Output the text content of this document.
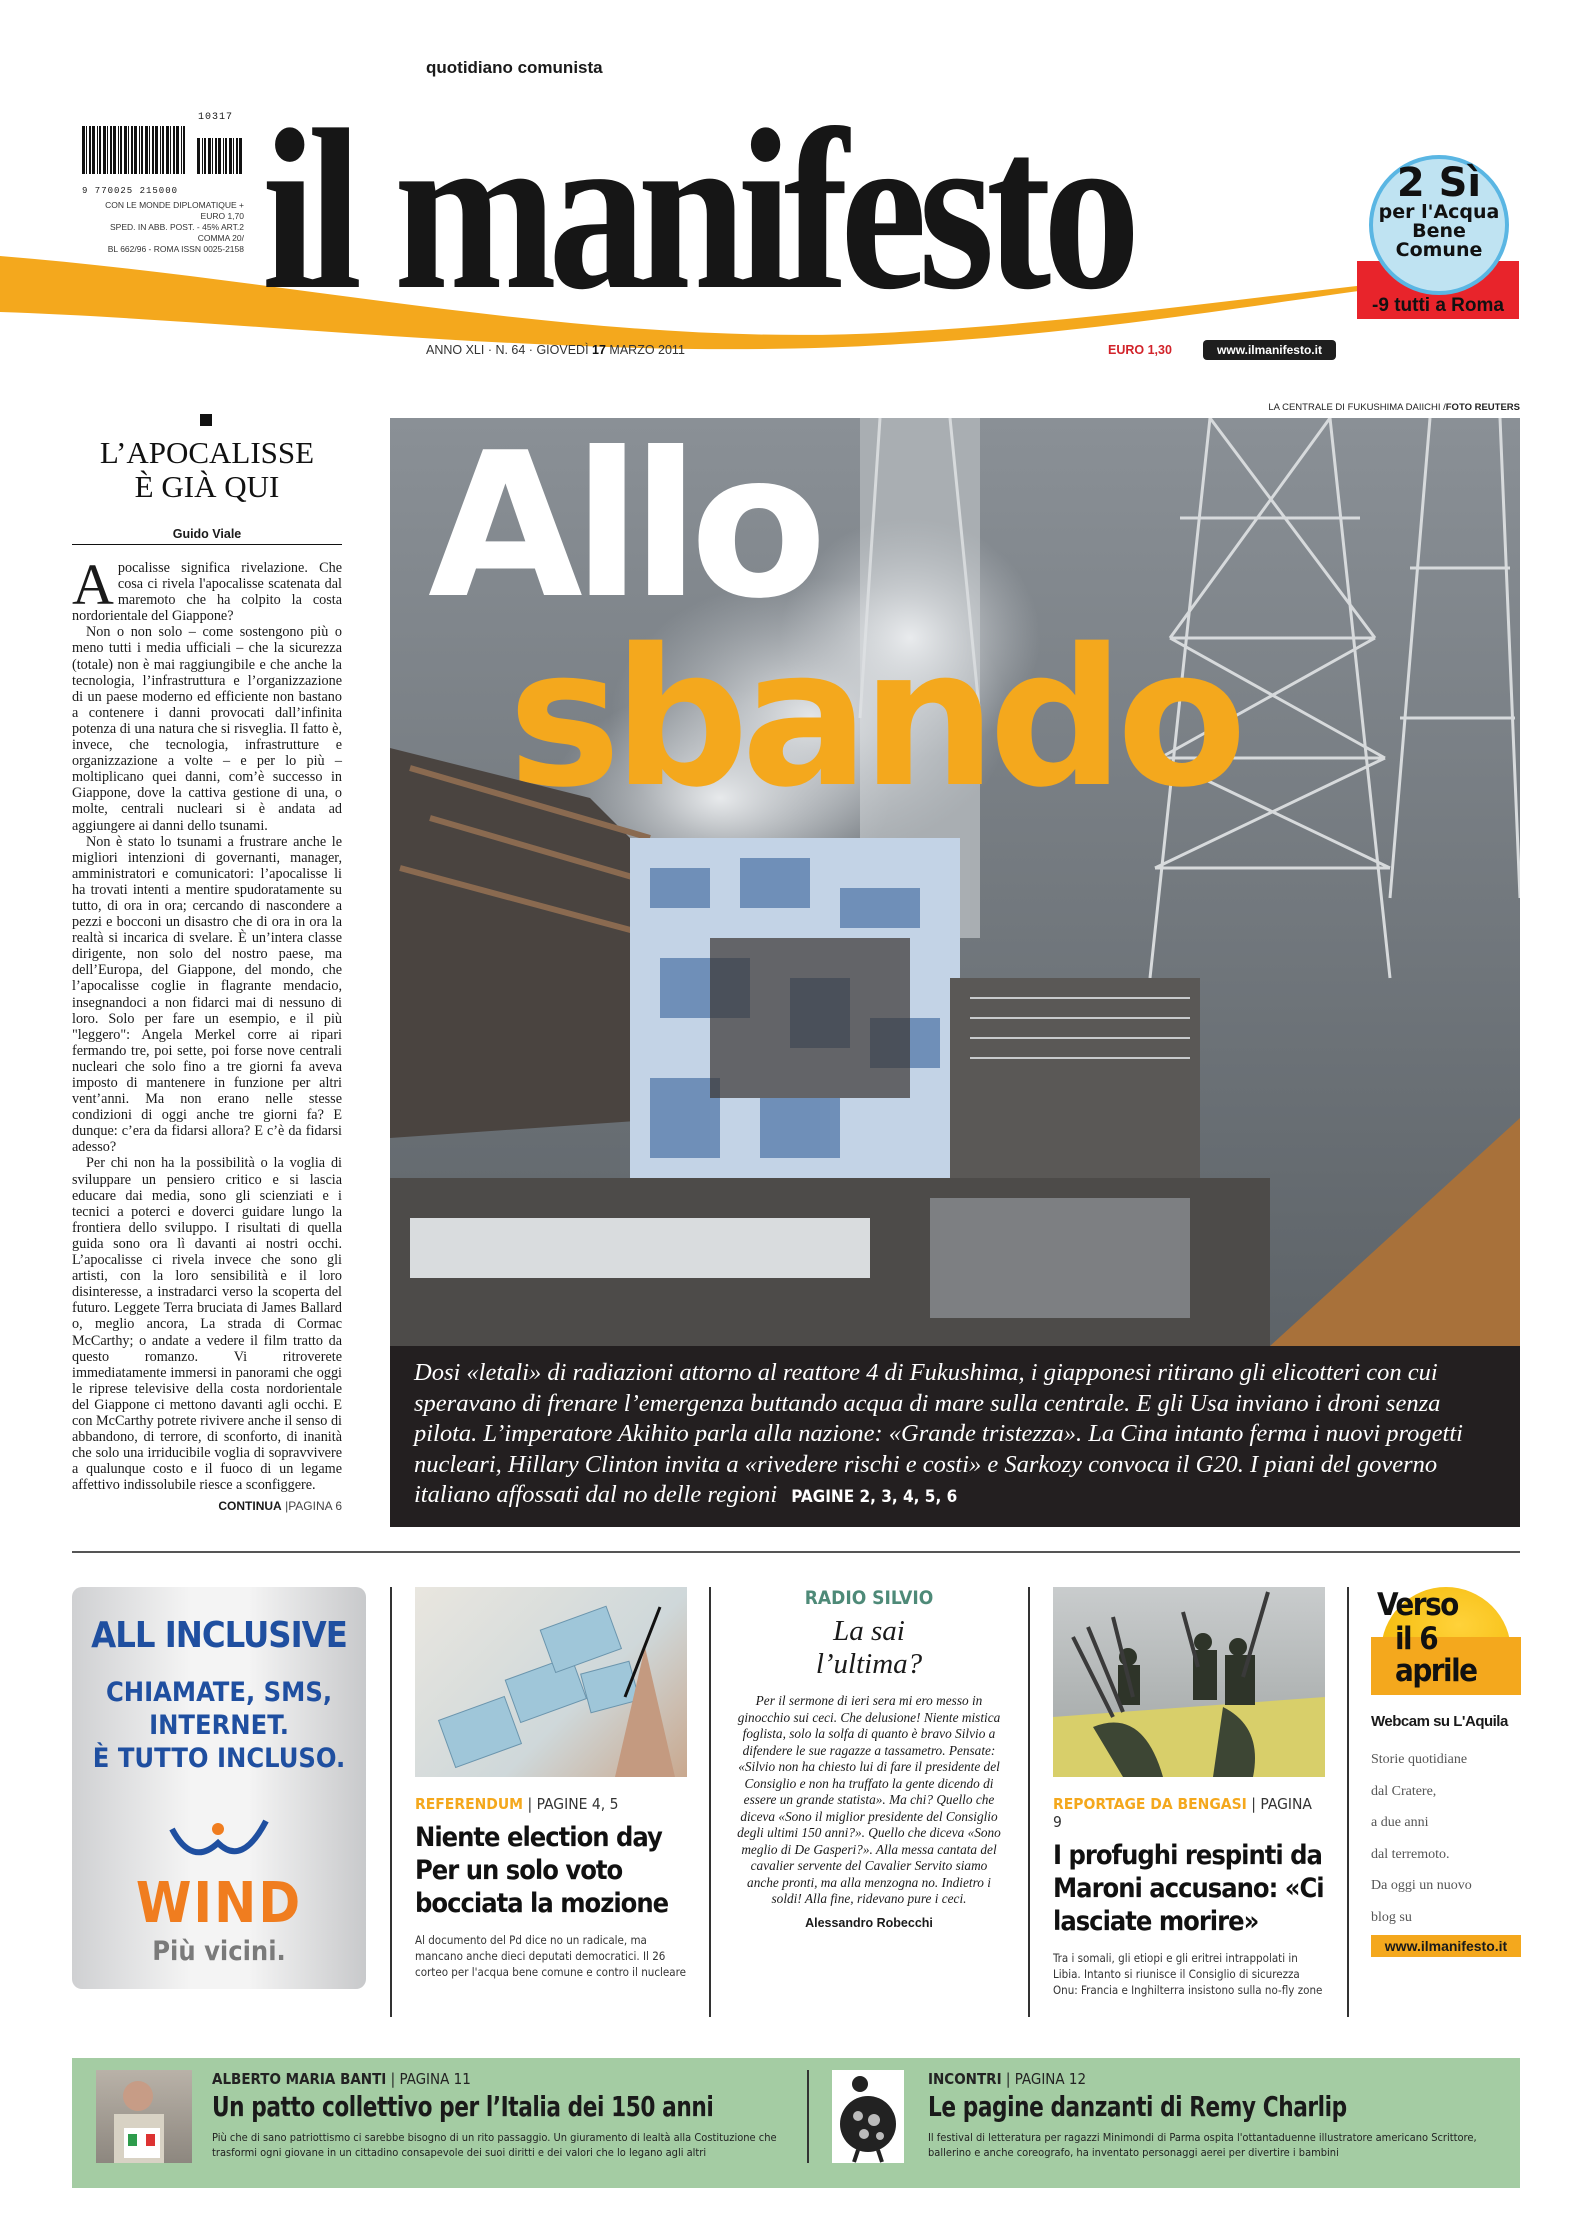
10317
9 770025 215000
CON LE MONDE DIPLOMATIQUE + EURO 1,70
SPED. IN ABB. POST. - 45% ART.2 COMMA 20/
BL 662/96 - ROMA ISSN 0025-2158
quotidiano comunista
il manifesto
ANNO XLI · N. 64 · GIOVEDÌ 17 MARZO 2011	EURO 1,30	www.ilmanifesto.it
2 Sì
per l'Acqua
Bene
Comune
-9 tutti a Roma
LA CENTRALE DI FUKUSHIMA DAIICHI /FOTO REUTERS
L’APOCALISSE
È GIÀ QUI
Guido Viale

Apocalisse significa rivelazione. Che cosa ci rivela l'apocalisse scatenata dal maremoto che ha colpito la costa nordorientale del Giappone?

Non o non solo – come sostengono più o meno tutti i media ufficiali – che la sicurezza (totale) non è mai raggiungibile e che anche la tecnologia, l’infrastruttura e l’organizzazione di un paese moderno ed efficiente non bastano a contenere i danni provocati dall’infinita potenza di una natura che si risveglia. Il fatto è, invece, che tecnologia, infrastrutture e organizzazione a volte – e per lo più – moltiplicano quei danni, com’è successo in Giappone, dove la cattiva gestione di una, o molte, centrali nucleari si è andata ad aggiungere ai danni dello tsunami.

Non è stato lo tsunami a frustrare anche le migliori intenzioni di governanti, manager, amministratori e comunicatori: l’apocalisse li ha trovati intenti a mentire spudoratamente su tutto, di ora in ora; cercando di nascondere a pezzi e bocconi un disastro che di ora in ora la realtà si incarica di svelare. È un’intera classe dirigente, non solo del nostro paese, ma dell’Europa, del Giappone, del mondo, che l’apocalisse coglie in flagrante mendacio, insegnandoci a non fidarci mai di nessuno di loro. Solo per fare un esempio, e il più "leggero": Angela Merkel corre ai ripari fermando tre, poi sette, poi forse nove centrali nucleari che solo fino a tre giorni fa aveva imposto di mantenere in funzione per altri vent’anni. Ma non erano nelle stesse condizioni di oggi anche tre giorni fa? E dunque: c’era da fidarsi allora? E c’è da fidarsi adesso?

Per chi non ha la possibilità o la voglia di sviluppare un pensiero critico e si lascia educare dai media, sono gli scienziati e i tecnici a poterci e doverci guidare lungo la frontiera dello sviluppo. I risultati di quella guida sono ora lì davanti ai nostri occhi. L’apocalisse ci rivela invece che sono gli artisti, con la loro sensibilità e il loro disinteresse, a instradarci verso la scoperta del futuro. Leggete Terra bruciata di James Ballard o, meglio ancora, La strada di Cormac McCarthy; o andate a vedere il film tratto da questo romanzo. Vi ritroverete immediatamente immersi in panorami che oggi le riprese televisive della costa nordorientale del Giappone ci mettono davanti agli occhi. E con McCarthy potrete rivivere anche il senso di abbandono, di terrore, di sconforto, di inanità che solo una irriducibile voglia di sopravvivere a qualunque costo e il fuoco di un legame affettivo indissolubile riesce a sconfiggere.

CONTINUA |PAGINA 6
Allo
sbando
Dosi «letali» di radiazioni attorno al reattore 4 di Fukushima, i giapponesi ritirano gli elicotteri con cui speravano di frenare l’emergenza buttando acqua di mare sulla centrale. E gli Usa inviano i droni senza pilota. L’imperatore Akihito parla alla nazione: «Grande tristezza». La Cina intanto ferma i nuovi progetti nucleari, Hillary Clinton invita a «rivedere rischi e costi» e Sarkozy convoca il G20. I piani del governo italiano affossati dal no delle regioni PAGINE 2, 3, 4, 5, 6
ALL INCLUSIVE
CHIAMATE, SMS,
INTERNET.
È TUTTO INCLUSO.
WIND
Più vicini.
REFERENDUM | PAGINE 4, 5
Niente election day Per un solo voto bocciata la mozione
Al documento del Pd dice no un radicale, ma mancano anche dieci deputati democratici. Il 26 corteo per l'acqua bene comune e contro il nucleare
RADIO SILVIO
La sai
l’ultima?
Per il sermone di ieri sera mi ero messo in ginocchio sui ceci. Che delusione! Niente mistica foglista, solo la solfa di quanto è bravo Silvio a difendere le sue ragazze a tassametro. Pensate: «Silvio non ha chiesto lui di fare il presidente del Consiglio e non ha truffato la gente dicendo di essere un grande statista». Ma chi? Quello che diceva «Sono il miglior presidente del Consiglio degli ultimi 150 anni?». Quello che diceva «Sono meglio di De Gasperi?». Alla messa cantata del cavalier servente del Cavalier Servito siamo anche pronti, ma alla menzogna no. Indietro i soldi! Alla fine, ridevano pure i ceci.
Alessandro Robecchi
REPORTAGE DA BENGASI | PAGINA 9
I profughi respinti da Maroni accusano: «Ci lasciate morire»
Tra i somali, gli etiopi e gli eritrei intrappolati in Libia. Intanto si riunisce il Consiglio di sicurezza Onu: Francia e Inghilterra insistono sulla no-fly zone
Verso
il 6 aprile
Webcam su L'Aquila
Storie quotidiane
dal Cratere,
a due anni
dal terremoto.
Da oggi un nuovo
blog su
www.ilmanifesto.it
ALBERTO MARIA BANTI | PAGINA 11
Un patto collettivo per l’Italia dei 150 anni
Più che di sano patriottismo ci sarebbe bisogno di un rito passaggio. Un giuramento di lealtà alla Costituzione che trasformi ogni giovane in un cittadino consapevole dei suoi diritti e dei valori che lo legano agli altri
INCONTRI | PAGINA 12
Le pagine danzanti di Remy Charlip
Il festival di letteratura per ragazzi Minimondi di Parma ospita l'ottantaduenne illustratore americano Scrittore, ballerino e anche coreografo, ha inventato personaggi aerei per divertire i bambini
